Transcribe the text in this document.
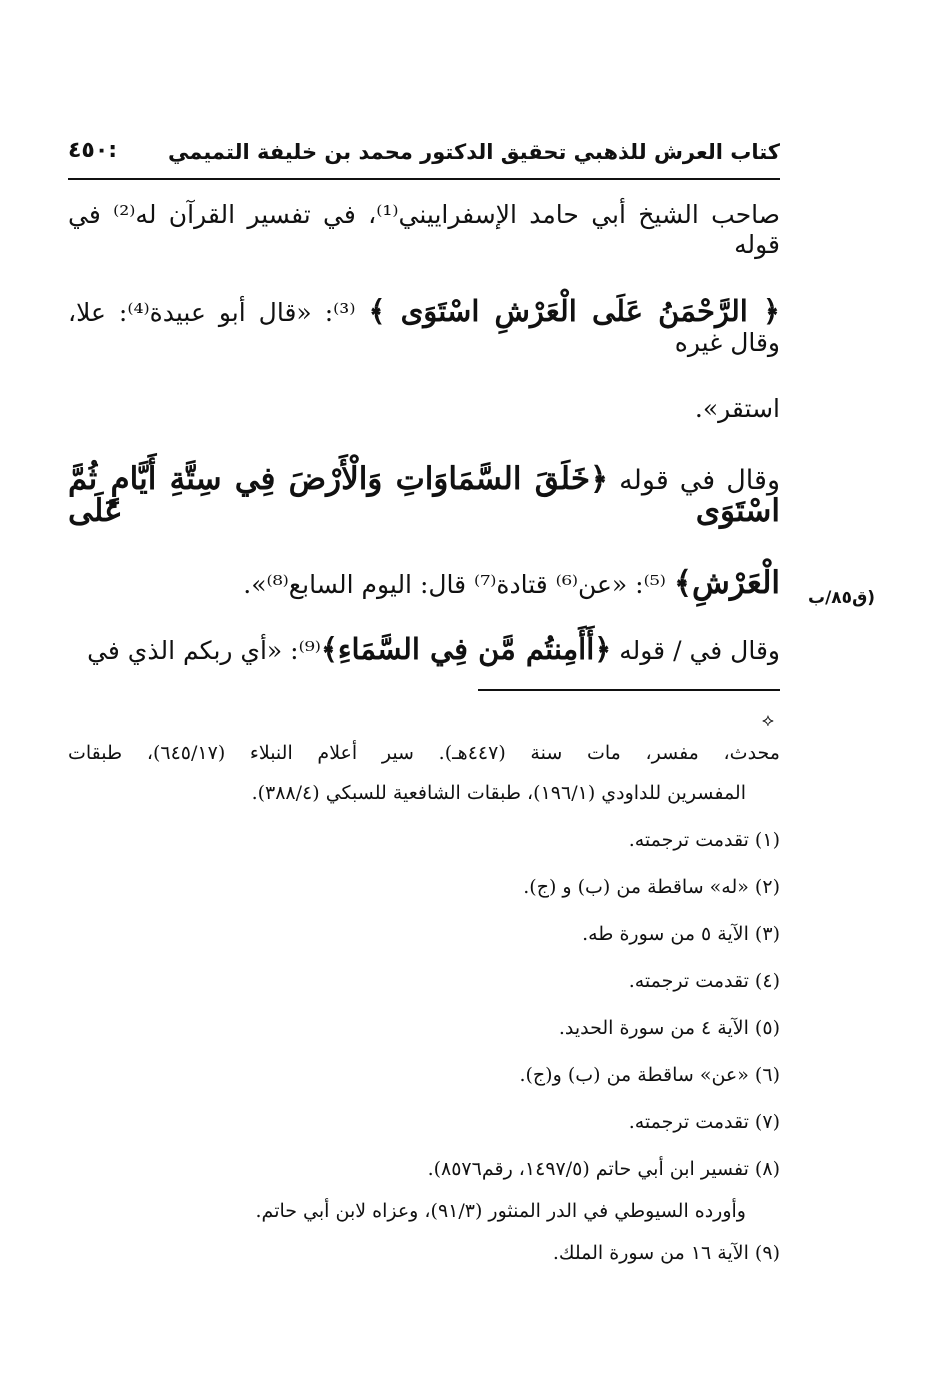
كتاب العرش للذهبي تحقيق الدكتور محمد بن خليفة التميمي
٤٥٠:

صاحب الشيخ أبي حامد الإسفراييني⁽¹⁾، في تفسير القرآن له⁽²⁾ في قوله

﴿ الرَّحْمَنُ عَلَى الْعَرْشِ اسْتَوَى ﴾ ⁽³⁾: «قال أبو عبيدة⁽⁴⁾: علا، وقال غيره

استقر».

وقال في قوله ﴿خَلَقَ السَّمَاوَاتِ وَالْأَرْضَ فِي سِتَّةِ أَيَّامٍ ثُمَّ اسْتَوَى عَلَى

الْعَرْشِ﴾ ⁽⁵⁾: «عن⁽⁶⁾ قتادة⁽⁷⁾ قال: اليوم السابع⁽⁸⁾».

وقال في / قوله ﴿أَأَمِنتُم مَّن فِي السَّمَاءِ﴾⁽⁹⁾: «أي ربكم الذي في

(ق٨٥/ب
⟡

محدث، مفسر، مات سنة (٤٤٧هـ). سير أعلام النبلاء (٦٤٥/١٧)، طبقات

المفسرين للداودي (١٩٦/١)، طبقات الشافعية للسبكي (٣٨٨/٤).

(١) تقدمت ترجمته.

(٢) «له» ساقطة من (ب) و (ج).

(٣) الآية ٥ من سورة طه.

(٤) تقدمت ترجمته.

(٥) الآية ٤ من سورة الحديد.

(٦) «عن» ساقطة من (ب) و(ج).

(٧) تقدمت ترجمته.

(٨) تفسير ابن أبي حاتم (١٤٩٧/٥، رقم٨٥٧٦).

وأورده السيوطي في الدر المنثور (٩١/٣)، وعزاه لابن أبي حاتم.

(٩) الآية ١٦ من سورة الملك.
